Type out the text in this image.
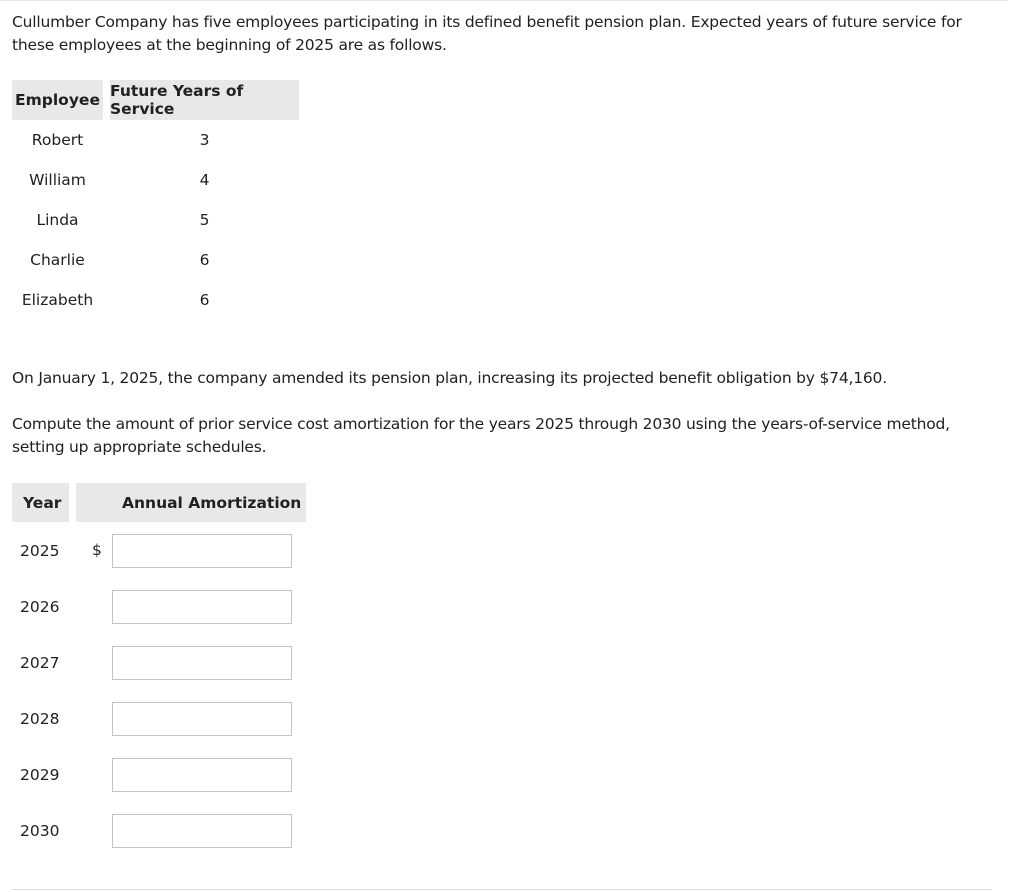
Cullumber Company has five employees participating in its defined benefit pension plan. Expected years of future service for these employees at the beginning of 2025 are as follows.

Employee Future Years of Service
Robert	3
William	4
Linda	5
Charlie	6
Elizabeth	6

On January 1, 2025, the company amended its pension plan, increasing its projected benefit obligation by $74,160.

Compute the amount of prior service cost amortization for the years 2025 through 2030 using the years-of-service method, setting up appropriate schedules.

Year	Annual Amortization
2025 $
2026
2027
2028
2029
2030
